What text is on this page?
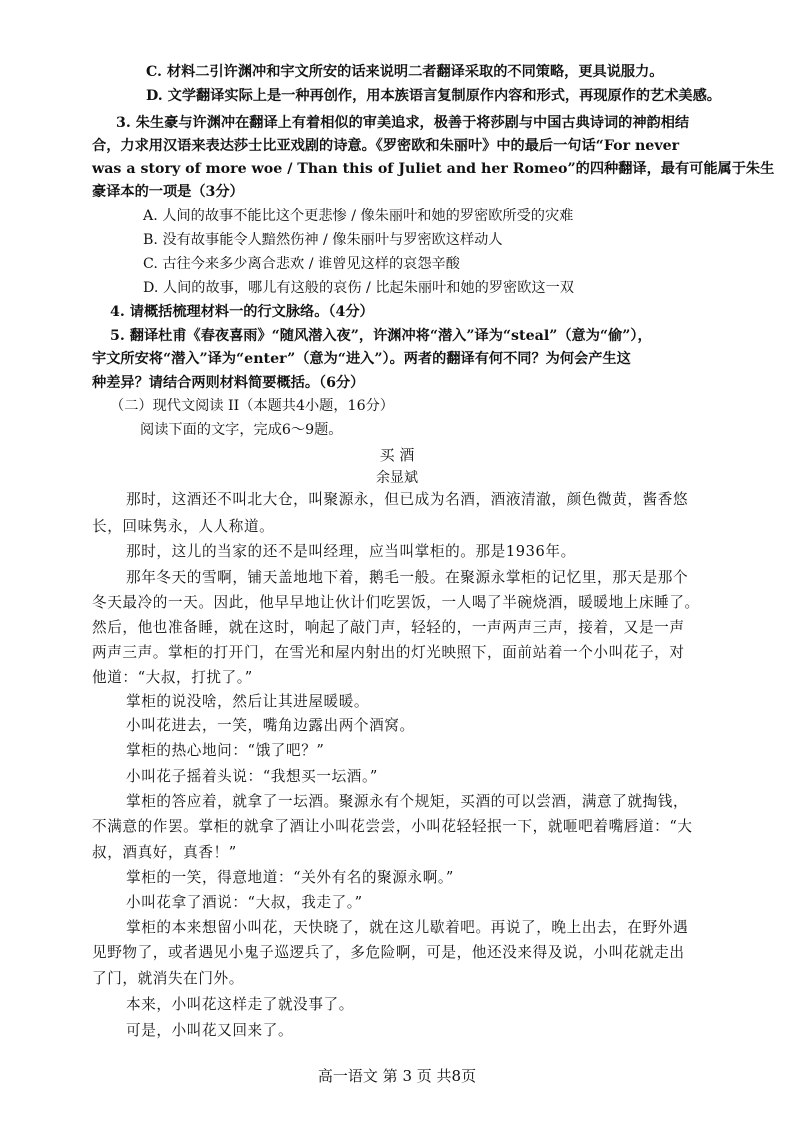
C. 材料二引许渊冲和宇文所安的话来说明二者翻译采取的不同策略，更具说服力。
D. 文学翻译实际上是一种再创作，用本族语言复制原作内容和形式，再现原作的艺术美感。
3. 朱生豪与许渊冲在翻译上有着相似的审美追求，极善于将莎剧与中国古典诗词的神韵相结
合，力求用汉语来表达莎士比亚戏剧的诗意。《罗密欧和朱丽叶》中的最后一句话“For never
was a story of more woe / Than this of Juliet and her Romeo”的四种翻译，最有可能属于朱生
豪译本的一项是（3分）
A. 人间的故事不能比这个更悲惨 / 像朱丽叶和她的罗密欧所受的灾难
B. 没有故事能令人黯然伤神 / 像朱丽叶与罗密欧这样动人
C. 古往今来多少离合悲欢 / 谁曾见这样的哀怨辛酸
D. 人间的故事，哪儿有这般的哀伤 / 比起朱丽叶和她的罗密欧这一双
4. 请概括梳理材料一的行文脉络。（4分）
5. 翻译杜甫《春夜喜雨》“随风潜入夜”，许渊冲将“潜入”译为“steal”（意为“偷”），
宇文所安将“潜入”译为“enter”（意为“进入”）。两者的翻译有何不同？为何会产生这
种差异？请结合两则材料简要概括。（6分）
（二）现代文阅读 II（本题共4小题，16分）
阅读下面的文字，完成6～9题。
买 酒
余显斌
那时，这酒还不叫北大仓，叫聚源永，但已成为名酒，酒液清澈，颜色微黄，酱香悠
长，回味隽永，人人称道。
那时，这儿的当家的还不是叫经理，应当叫掌柜的。那是1936年。
那年冬天的雪啊，铺天盖地地下着，鹅毛一般。在聚源永掌柜的记忆里，那天是那个
冬天最冷的一天。因此，他早早地让伙计们吃罢饭，一人喝了半碗烧酒，暖暖地上床睡了。
然后，他也准备睡，就在这时，响起了敲门声，轻轻的，一声两声三声，接着，又是一声
两声三声。掌柜的打开门，在雪光和屋内射出的灯光映照下，面前站着一个小叫花子，对
他道：“大叔，打扰了。”
掌柜的说没啥，然后让其进屋暖暖。
小叫花进去，一笑，嘴角边露出两个酒窝。
掌柜的热心地问：“饿了吧？”
小叫花子摇着头说：“我想买一坛酒。”
掌柜的答应着，就拿了一坛酒。聚源永有个规矩，买酒的可以尝酒，满意了就掏钱，
不满意的作罢。掌柜的就拿了酒让小叫花尝尝，小叫花轻轻抿一下，就咂吧着嘴唇道：“大
叔，酒真好，真香！”
掌柜的一笑，得意地道：“关外有名的聚源永啊。”
小叫花拿了酒说：“大叔，我走了。”
掌柜的本来想留小叫花，天快晓了，就在这儿歇着吧。再说了，晚上出去，在野外遇
见野物了，或者遇见小鬼子巡逻兵了，多危险啊，可是，他还没来得及说，小叫花就走出
了门，就消失在门外。
本来，小叫花这样走了就没事了。
可是，小叫花又回来了。
高一语文 第 3 页 共8页
